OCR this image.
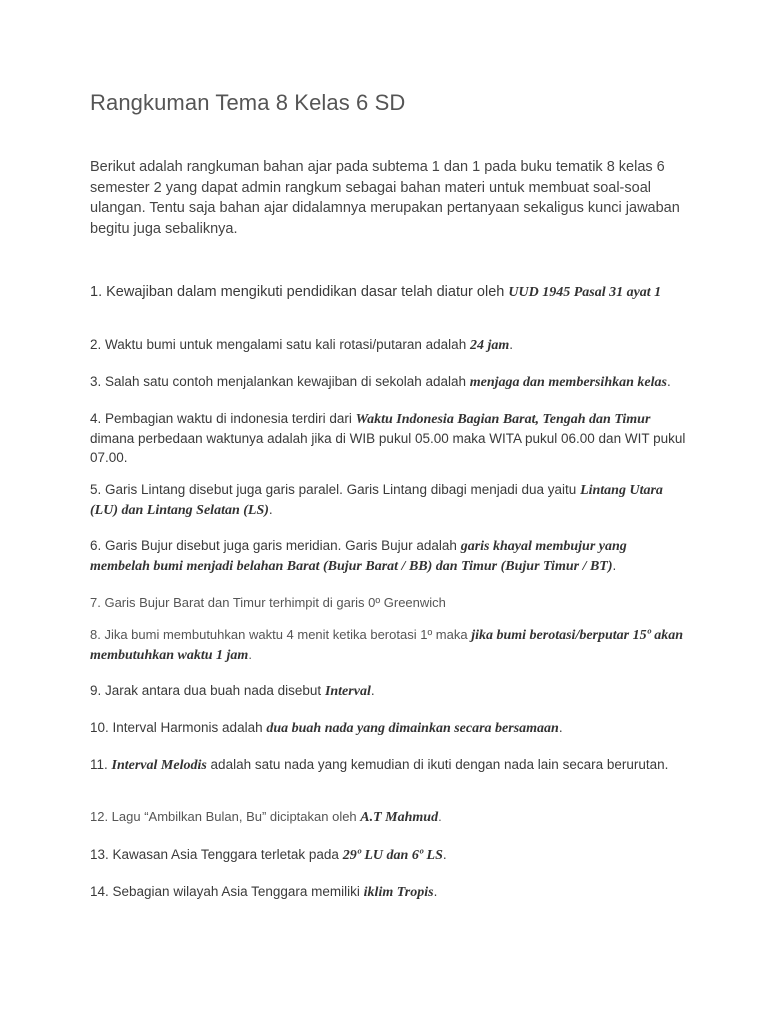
Rangkuman Tema 8 Kelas 6 SD

Berikut adalah rangkuman bahan ajar pada subtema 1 dan 1 pada buku tematik 8 kelas 6 semester 2 yang dapat admin rangkum sebagai bahan materi untuk membuat soal-soal ulangan. Tentu saja bahan ajar didalamnya merupakan pertanyaan sekaligus kunci jawaban begitu juga sebaliknya.

1. Kewajiban dalam mengikuti pendidikan dasar telah diatur oleh UUD 1945 Pasal 31 ayat 1

2. Waktu bumi untuk mengalami satu kali rotasi/putaran adalah 24 jam.

3. Salah satu contoh menjalankan kewajiban di sekolah adalah menjaga dan membersihkan kelas.

4. Pembagian waktu di indonesia terdiri dari Waktu Indonesia Bagian Barat, Tengah dan Timur dimana perbedaan waktunya adalah jika di WIB pukul 05.00 maka WITA pukul 06.00 dan WIT pukul 07.00.

5. Garis Lintang disebut juga garis paralel. Garis Lintang dibagi menjadi dua yaitu Lintang Utara (LU) dan Lintang Selatan (LS).

6. Garis Bujur disebut juga garis meridian. Garis Bujur adalah garis khayal membujur yang membelah bumi menjadi belahan Barat (Bujur Barat / BB) dan Timur (Bujur Timur / BT).

7. Garis Bujur Barat dan Timur terhimpit di garis 0º Greenwich

8. Jika bumi membutuhkan waktu 4 menit ketika berotasi 1º maka jika bumi berotasi/berputar 15º akan membutuhkan waktu 1 jam.

9. Jarak antara dua buah nada disebut Interval.

10. Interval Harmonis adalah dua buah nada yang dimainkan secara bersamaan.

11. Interval Melodis adalah satu nada yang kemudian di ikuti dengan nada lain secara berurutan.

12. Lagu “Ambilkan Bulan, Bu” diciptakan oleh A.T Mahmud.

13. Kawasan Asia Tenggara terletak pada 29º LU dan 6º LS.

14. Sebagian wilayah Asia Tenggara memiliki iklim Tropis.
